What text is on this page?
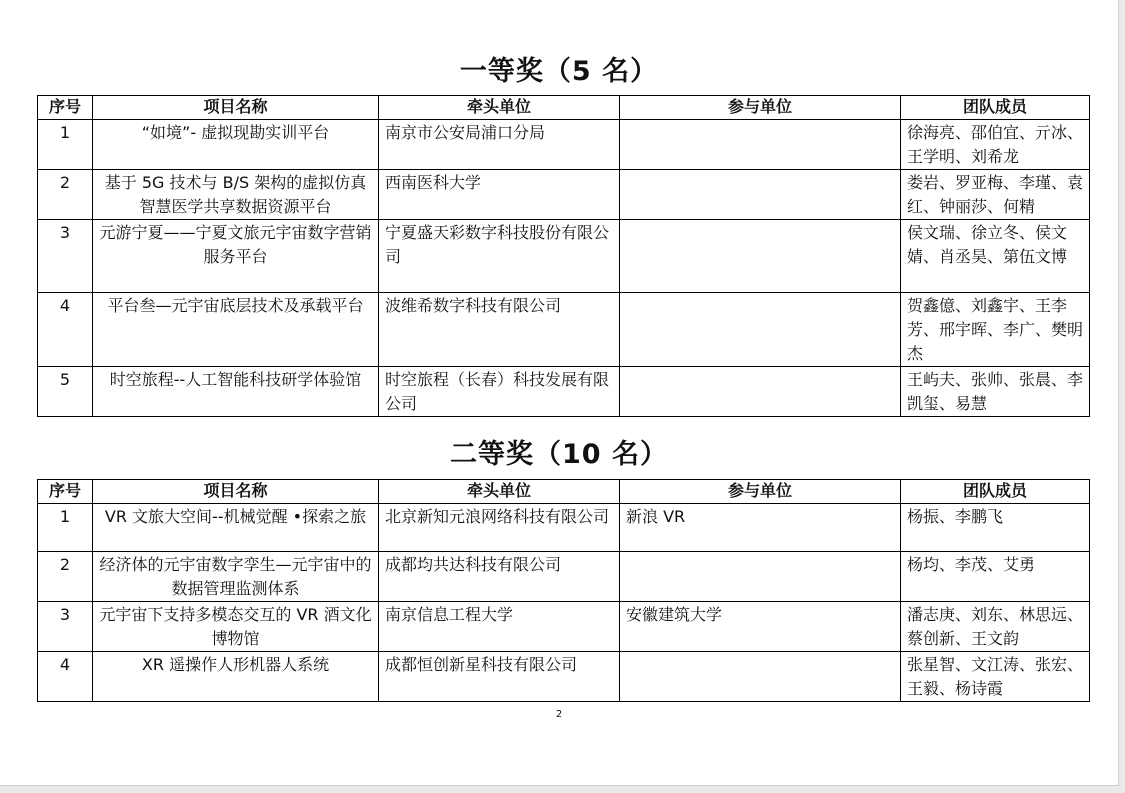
一等奖（5 名）
序号	项目名称	牵头单位	参与单位	团队成员
1	“如境”- 虚拟现勘实训平台	南京市公安局浦口分局		徐海亮、邵伯宜、亓冰、王学明、刘希龙
2	基于 5G 技术与 B/S 架构的虚拟仿真智慧医学共享数据资源平台	西南医科大学		娄岩、罗亚梅、李瑾、袁红、钟丽莎、何精
3	元游宁夏——宁夏文旅元宇宙数字营销服务平台	宁夏盛天彩数字科技股份有限公司		侯文瑞、徐立冬、侯文婧、肖丞昊、第伍文博
4	平台叁—元宇宙底层技术及承载平台	波维希数字科技有限公司		贺鑫億、刘鑫宇、王李芳、邢宇晖、李广、樊明杰
5	时空旅程--人工智能科技研学体验馆	时空旅程（长春）科技发展有限公司		王屿夫、张帅、张晨、李凯玺、易慧
二等奖（10 名）
序号	项目名称	牵头单位	参与单位	团队成员
1	VR 文旅大空间--机械觉醒 •探索之旅	北京新知元浪网络科技有限公司	新浪 VR	杨振、李鹏飞
2	经济体的元宇宙数字孪生—元宇宙中的数据管理监测体系	成都均共达科技有限公司		杨均、李茂、艾勇
3	元宇宙下支持多模态交互的 VR 酒文化博物馆	南京信息工程大学	安徽建筑大学	潘志庚、刘东、林思远、蔡创新、王文韵
4	XR 遥操作人形机器人系统	成都恒创新星科技有限公司		张星智、文江涛、张宏、王毅、杨诗霞
2
